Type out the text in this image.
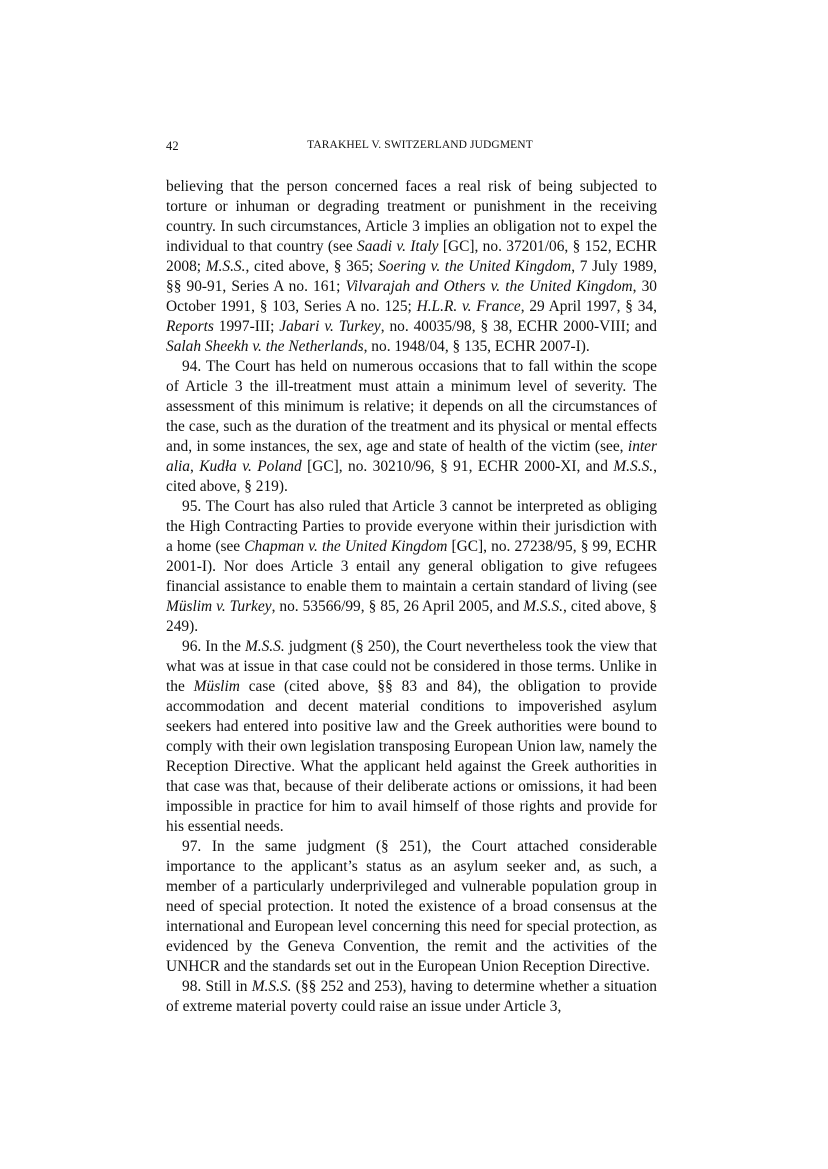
42	TARAKHEL V. SWITZERLAND JUDGMENT

believing that the person concerned faces a real risk of being subjected to torture or inhuman or degrading treatment or punishment in the receiving country. In such circumstances, Article 3 implies an obligation not to expel the individual to that country (see Saadi v. Italy [GC], no. 37201/06, § 152, ECHR 2008; M.S.S., cited above, § 365; Soering v. the United Kingdom, 7 July 1989, §§ 90-91, Series A no. 161; Vilvarajah and Others v. the United Kingdom, 30 October 1991, § 103, Series A no. 125; H.L.R. v. France, 29 April 1997, § 34, Reports 1997-III; Jabari v. Turkey, no. 40035/98, § 38, ECHR 2000-VIII; and Salah Sheekh v. the Netherlands, no. 1948/04, § 135, ECHR 2007-I).

94. The Court has held on numerous occasions that to fall within the scope of Article 3 the ill-treatment must attain a minimum level of severity. The assessment of this minimum is relative; it depends on all the circumstances of the case, such as the duration of the treatment and its physical or mental effects and, in some instances, the sex, age and state of health of the victim (see, inter alia, Kudła v. Poland [GC], no. 30210/96, § 91, ECHR 2000-XI, and M.S.S., cited above, § 219).

95. The Court has also ruled that Article 3 cannot be interpreted as obliging the High Contracting Parties to provide everyone within their jurisdiction with a home (see Chapman v. the United Kingdom [GC], no. 27238/95, § 99, ECHR 2001-I). Nor does Article 3 entail any general obligation to give refugees financial assistance to enable them to maintain a certain standard of living (see Müslim v. Turkey, no. 53566/99, § 85, 26 April 2005, and M.S.S., cited above, § 249).

96. In the M.S.S. judgment (§ 250), the Court nevertheless took the view that what was at issue in that case could not be considered in those terms. Unlike in the Müslim case (cited above, §§ 83 and 84), the obligation to provide accommodation and decent material conditions to impoverished asylum seekers had entered into positive law and the Greek authorities were bound to comply with their own legislation transposing European Union law, namely the Reception Directive. What the applicant held against the Greek authorities in that case was that, because of their deliberate actions or omissions, it had been impossible in practice for him to avail himself of those rights and provide for his essential needs.

97. In the same judgment (§ 251), the Court attached considerable importance to the applicant’s status as an asylum seeker and, as such, a member of a particularly underprivileged and vulnerable population group in need of special protection. It noted the existence of a broad consensus at the international and European level concerning this need for special protection, as evidenced by the Geneva Convention, the remit and the activities of the UNHCR and the standards set out in the European Union Reception Directive.

98. Still in M.S.S. (§§ 252 and 253), having to determine whether a situation of extreme material poverty could raise an issue under Article 3,
